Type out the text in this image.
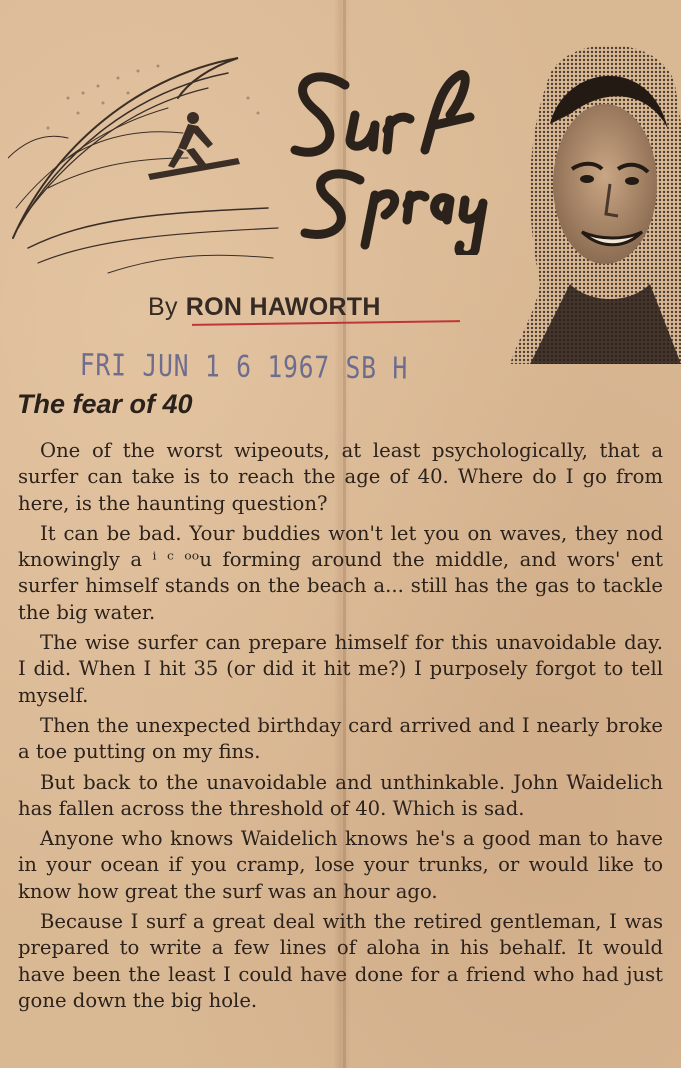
By RON HAWORTH
FRI JUN 1 6 1967 SB H
The fear of 40

One of the worst wipeouts, at least psychologically, that a surfer can take is to reach the age of 40. Where do I go from here, is the haunting question?

It can be bad. Your buddies won't let you on waves, they nod knowingly a ⁱ ᶜ ᵒᵒu forming around the middle, and wors' ent surfer himself stands on the beach a... still has the gas to tackle the big water.

The wise surfer can prepare himself for this unavoidable day. I did. When I hit 35 (or did it hit me?) I purposely forgot to tell myself.

Then the unexpected birthday card arrived and I nearly broke a toe putting on my fins.

But back to the unavoidable and unthinkable. John Waidelich has fallen across the threshold of 40. Which is sad.

Anyone who knows Waidelich knows he's a good man to have in your ocean if you cramp, lose your trunks, or would like to know how great the surf was an hour ago.

Because I surf a great deal with the retired gentleman, I was prepared to write a few lines of aloha in his behalf. It would have been the least I could have done for a friend who had just gone down the big hole.
